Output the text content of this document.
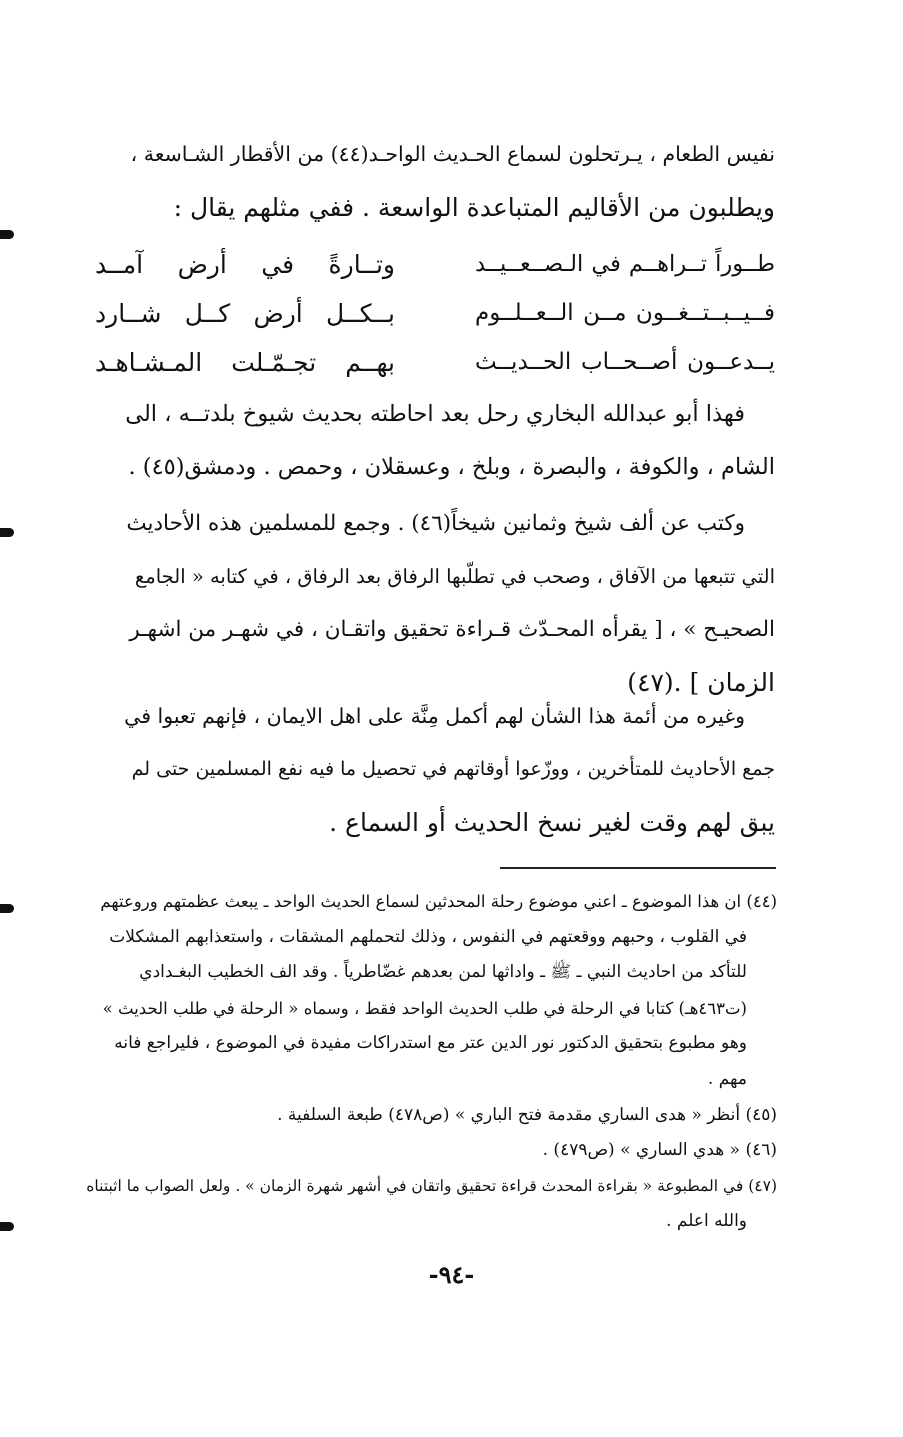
نفيس الطعام ، يـرتحلون لسماع الحـديث الواحـد(٤٤) من الأقطار الشـاسعة ،
ويطلبون من الأقاليم المتباعدة الواسعة . ففي مثلهم يقال :
طــوراً تــراهــم في الـصــعــيــد
وتــارةً في أرض آمــد
فــيــبــتــغــون مــن الــعــلــوم
بــكــل أرض كــل شــارد
يــدعــون أصــحــاب الحــديــث
بهــم تجـمّـلت المـشـاهـد
فهذا أبو عبدالله البخاري رحل بعد احاطته بحديث شيوخ بلدتــه ، الى
الشام ، والكوفة ، والبصرة ، وبلخ ، وعسقلان ، وحمص . ودمشق(٤٥) .
وكتب عن ألف شيخ وثمانين شيخاً(٤٦) . وجمع للمسلمين هذه الأحاديث
التي تتبعها من الآفاق ، وصحب في تطلّبها الرفاق بعد الرفاق ، في كتابه « الجامع
الصحيـح » ، [ يقرأه المحـدّث قـراءة تحقيق واتقـان ، في شهـر من اشهـر
الزمان ] .(٤٧)
وغيره من أئمة هذا الشأن لهم أكمل مِنَّة على اهل الايمان ، فإنهم تعبوا في
جمع الأحاديث للمتأخرين ، ووزّعوا أوقاتهم في تحصيل ما فيه نفع المسلمين حتى لم
يبق لهم وقت لغير نسخ الحديث أو السماع .
(٤٤) ان هذا الموضوع ـ اعني موضوع رحلة المحدثين لسماع الحديث الواحد ـ يبعث عظمتهم وروعتهم
في القلوب ، وحبهم ووقعتهم في النفوس ، وذلك لتحملهم المشقات ، واستعذابهم المشكلات
للتأكد من احاديث النبي ـ ﷺ ـ واداثها لمن بعدهم غضّاطرياً . وقد الف الخطيب البغـدادي
(ت٤٦٣هـ) كتابا في الرحلة في طلب الحديث الواحد فقط ، وسماه « الرحلة في طلب الحديث »
وهو مطبوع بتحقيق الدكتور نور الدين عتر مع استدراكات مفيدة في الموضوع ، فليراجع فانه
مهم .
(٤٥) أنظر « هدى الساري مقدمة فتح الباري » (ص٤٧٨) طبعة السلفية .
(٤٦) « هدي الساري » (ص٤٧٩) .
(٤٧) في المطبوعة « بقراءة المحدث قراءة تحقيق واتقان في أشهر شهرة الزمان » . ولعل الصواب ما اثبتناه
والله اعلم .
-٩٤-
